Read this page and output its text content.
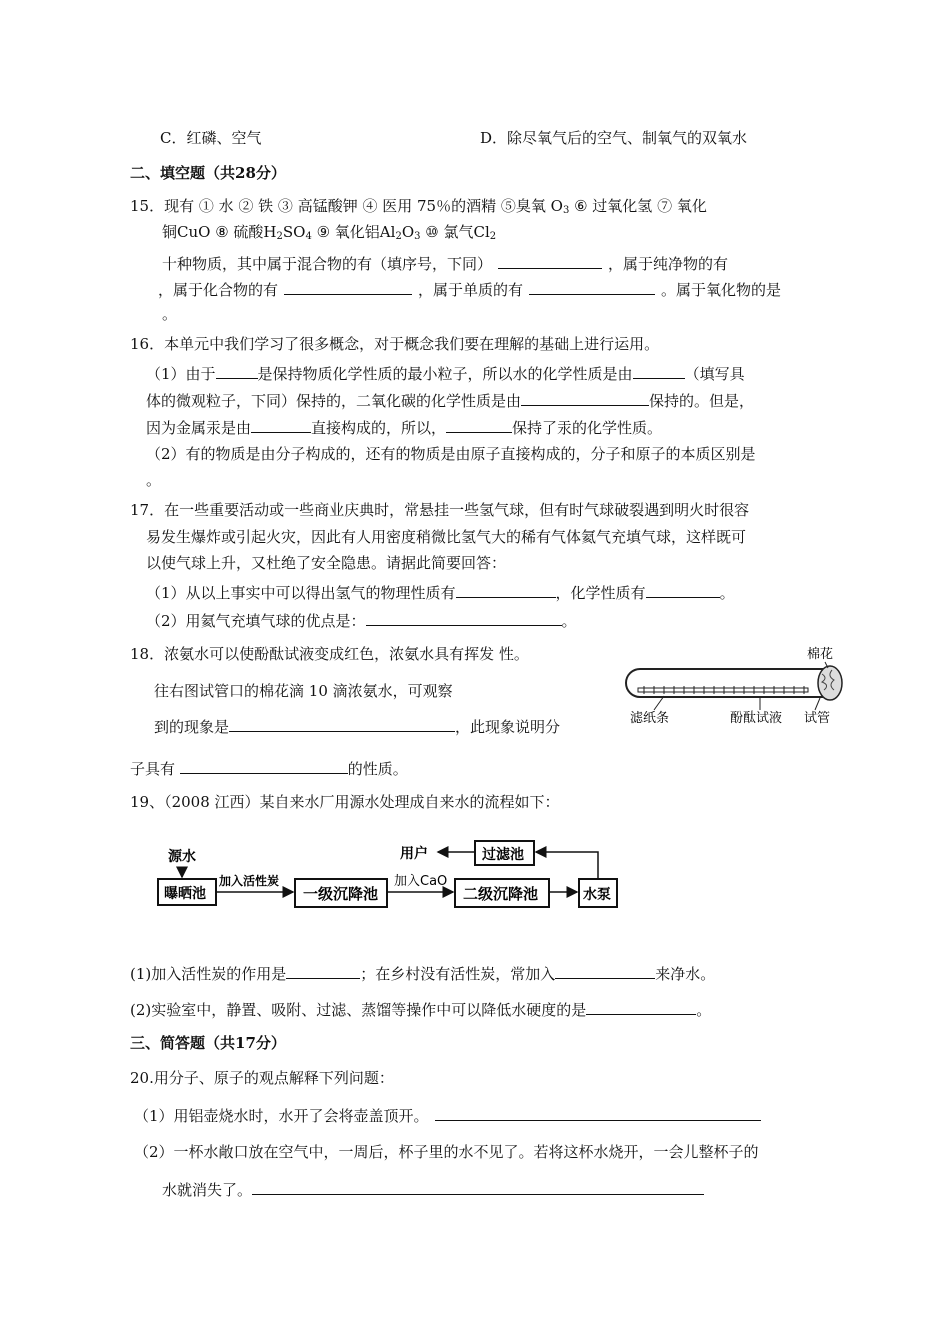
C．红磷、空气	D．除尽氧气后的空气、制氧气的双氧水
二、填空题（共28分）
15．现有 ① 水 ② 铁 ③ 高锰酸钾 ④ 医用 75％的酒精 ⑤臭氧 $O_3$ ⑥ 过氧化氢 ⑦ 氧化
铜CuO ⑧ 硫酸$H_2SO_4$ ⑨ 氧化铝$Al_2O_3$ ⑩ 氯气$Cl_2$
十种物质，其中属于混合物的有（填序号，下同）	，属于纯净物的有
，属于化合物的有	，属于单质的有	。属于氧化物的是
。
16．本单元中我们学习了很多概念，对于概念我们要在理解的基础上进行运用。
（1）由于	是保持物质化学性质的最小粒子，所以水的化学性质是由	（填写具
体的微观粒子，下同）保持的，二氧化碳的化学性质是由	保持的。但是，
因为金属汞是由	直接构成的，所以，	保持了汞的化学性质。
（2）有的物质是由分子构成的，还有的物质是由原子直接构成的，分子和原子的本质区别是
。
17．在一些重要活动或一些商业庆典时，常悬挂一些氢气球，但有时气球破裂遇到明火时很容
易发生爆炸或引起火灾，因此有人用密度稍微比氢气大的稀有气体氦气充填气球，这样既可
以使气球上升，又杜绝了安全隐患。请据此简要回答：
（1）从以上事实中可以得出氢气的物理性质有	，化学性质有	。
（2）用氦气充填气球的优点是：	。
18．浓氨水可以使酚酞试液变成红色，浓氨水具有挥发 性。
往右图试管口的棉花滴 10 滴浓氨水，可观察
到的现象是	，此现象说明分
子具有	的性质。
棉花
滤纸条	酚酞试液 试管
19、（2008 江西）某自来水厂用源水处理成自来水的流程如下：
源水
曝晒池
加入活性炭
一级沉降池
加入CaO
二级沉降池	水泵
过滤池
用户
(1)加入活性炭的作用是	；在乡村没有活性炭，常加入	来净水。
(2)实验室中，静置、吸附、过滤、蒸馏等操作中可以降低水硬度的是	。
三、简答题（共17分）
20.用分子、原子的观点解释下列问题：
（1）用铝壶烧水时，水开了会将壶盖顶开。
（2）一杯水敞口放在空气中，一周后，杯子里的水不见了。若将这杯水烧开，一会儿整杯子的
水就消失了。
